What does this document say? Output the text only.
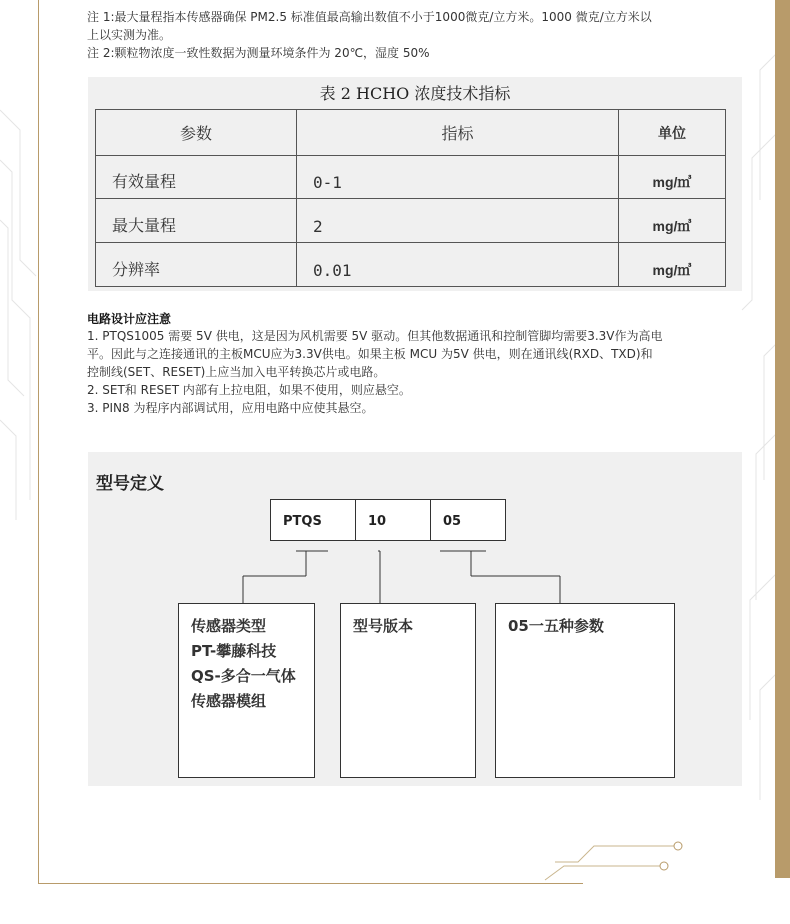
注 1:最大量程指本传感器确保 PM2.5 标准值最高输出数值不小于1000微克/立方米。1000 微克/立方米以
上以实测为准。
注 2:颗粒物浓度一致性数据为测量环境条件为 20℃，湿度 50%
表 2 HCHO 浓度技术指标
参数	指标	单位
有效量程	0-1	mg/㎥
最大量程	2	mg/㎥
分辨率	0.01	mg/㎥
电路设计应注意
1. PTQS1005 需要 5V 供电，这是因为风机需要 5V 驱动。但其他数据通讯和控制管脚均需要3.3V作为高电
平。因此与之连接通讯的主板MCU应为3.3V供电。如果主板 MCU 为5V 供电，则在通讯线(RXD、TXD)和
控制线(SET、RESET)上应当加入电平转换芯片或电路。
2. SET和 RESET 内部有上拉电阻，如果不使用，则应悬空。
3. PIN8 为程序内部调试用，应用电路中应使其悬空。
型号定义
PTQS	10	05
传感器类型
PT-攀藤科技
QS-多合一气体
传感器模组
型号版本	05一五种参数
